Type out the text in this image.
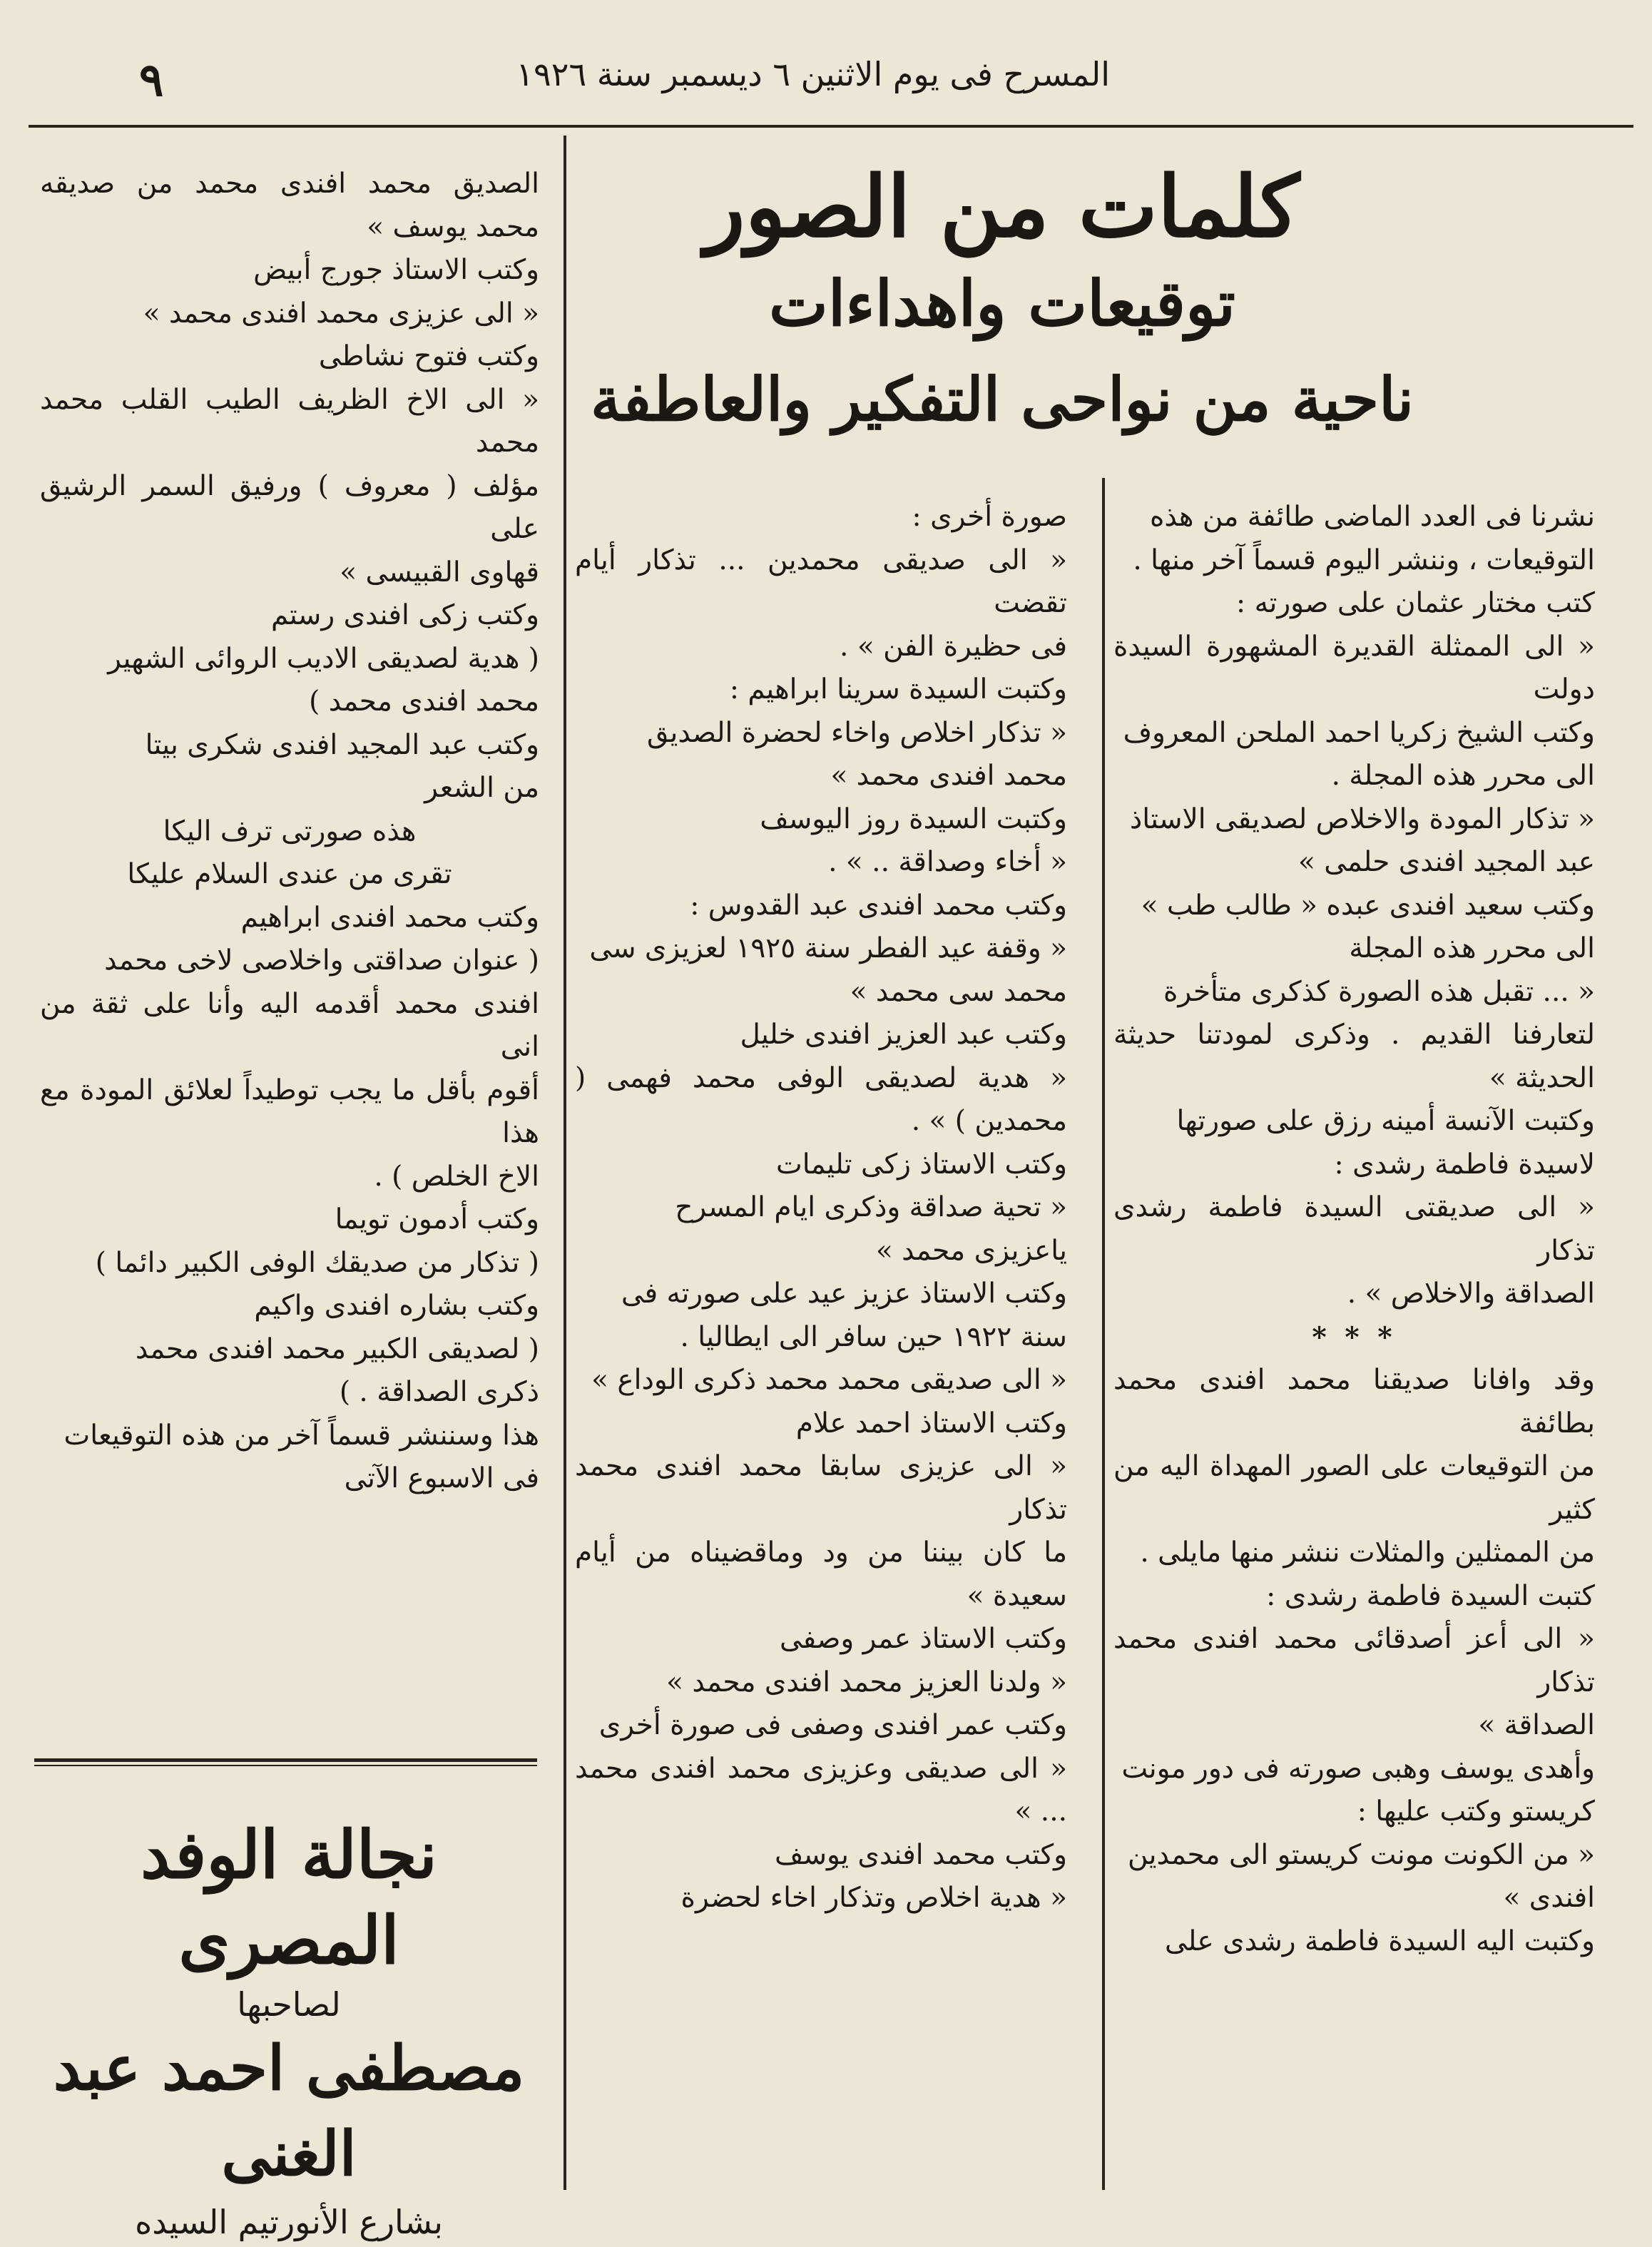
٩	المسرح فى يوم الاثنين ٦ ديسمبر سنة ١٩٢٦
كلمات من الصور
توقيعات واهداءات
ناحية من نواحى التفكير والعاطفة

نشرنا فى العدد الماضى طائفة من هذه

التوقيعات ، وننشر اليوم قسماً آخر منها .

كتب مختار عثمان على صورته :

« الى الممثلة القديرة المشهورة السيدة دولت

وكتب الشيخ زكريا احمد الملحن المعروف

الى محرر هذه المجلة .

« تذكار المودة والاخلاص لصديقى الاستاذ

عبد المجيد افندى حلمى »

وكتب سعيد افندى عبده « طالب طب »

الى محرر هذه المجلة

« ... تقبل هذه الصورة كذكرى متأخرة

لتعارفنا القديم . وذكرى لمودتنا حديثة الحديثة »

وكتبت الآنسة أمينه رزق على صورتها

لاسيدة فاطمة رشدى :

« الى صديقتى السيدة فاطمة رشدى تذكار

الصداقة والاخلاص » .

* * *

وقد وافانا صديقنا محمد افندى محمد بطائفة

من التوقيعات على الصور المهداة اليه من كثير

من الممثلين والمثلات ننشر منها مايلى .

كتبت السيدة فاطمة رشدى :

« الى أعز أصدقائى محمد افندى محمد تذكار

الصداقة »

وأهدى يوسف وهبى صورته فى دور مونت

كريستو وكتب عليها :

« من الكونت مونت كريستو الى محمدين

افندى »

وكتبت اليه السيدة فاطمة رشدى على

صورة أخرى :

« الى صديقى محمدين ... تذكار أيام تقضت

فى حظيرة الفن » .

وكتبت السيدة سرينا ابراهيم :

« تذكار اخلاص واخاء لحضرة الصديق

محمد افندى محمد »

وكتبت السيدة روز اليوسف

« أخاء وصداقة .. » .

وكتب محمد افندى عبد القدوس :

« وقفة عيد الفطر سنة ١٩٢٥ لعزيزى سى

محمد سى محمد »

وكتب عبد العزيز افندى خليل

« هدية لصديقى الوفى محمد فهمى ( محمدين ) » .

وكتب الاستاذ زكى تليمات

« تحية صداقة وذكرى ايام المسرح

ياعزيزى محمد »

وكتب الاستاذ عزيز عيد على صورته فى

سنة ١٩٢٢ حين سافر الى ايطاليا .

« الى صديقى محمد محمد ذكرى الوداع »

وكتب الاستاذ احمد علام

« الى عزيزى سابقا محمد افندى محمد تذكار

ما كان بيننا من ود وماقضيناه من أيام سعيدة »

وكتب الاستاذ عمر وصفى

« ولدنا العزيز محمد افندى محمد »

وكتب عمر افندى وصفى فى صورة أخرى

« الى صديقى وعزيزى محمد افندى محمد ... »

وكتب محمد افندى يوسف

« هدية اخلاص وتذكار اخاء لحضرة

الصديق محمد افندى محمد من صديقه محمد يوسف »

وكتب الاستاذ جورج أبيض

« الى عزيزى محمد افندى محمد »

وكتب فتوح نشاطى

« الى الاخ الظريف الطيب القلب محمد محمد

مؤلف ( معروف ) ورفيق السمر الرشيق على

قهاوى القبيسى »

وكتب زكى افندى رستم

( هدية لصديقى الاديب الروائى الشهير

محمد افندى محمد )

وكتب عبد المجيد افندى شكرى بيتا

من الشعر

هذه صورتى ترف اليكا

تقرى من عندى السلام عليكا

وكتب محمد افندى ابراهيم

( عنوان صداقتى واخلاصى لاخى محمد

افندى محمد أقدمه اليه وأنا على ثقة من انى

أقوم بأقل ما يجب توطيداً لعلائق المودة مع هذا

الاخ الخلص ) .

وكتب أدمون تويما

( تذكار من صديقك الوفى الكبير دائما )

وكتب بشاره افندى واكيم

( لصديقى الكبير محمد افندى محمد

ذكرى الصداقة . )

هذا وسننشر قسماً آخر من هذه التوقيعات

فى الاسبوع الآتى

نجالة الوفد المصرى

لصاحبها

مصطفى احمد عبد الغنى

بشارع الأنورتيم السيده
